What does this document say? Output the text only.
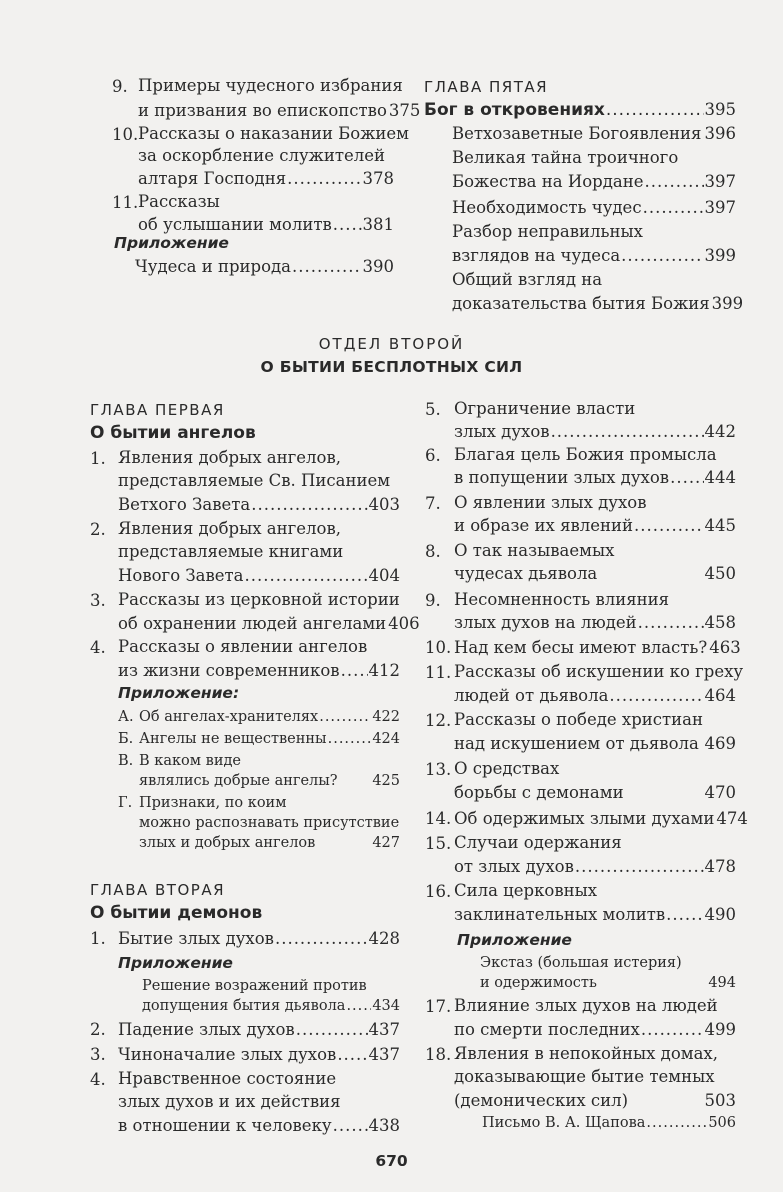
9. Примеры чудесного избрания
и призвания во епископство 375
10. Рассказы о наказании Божием
за оскорбление служителей
алтаря Господня .....	378
11. Рассказы
об услышании молитв ..... 381
Приложение
Чудеса и природа .....	390
ГЛАВА ПЯТАЯ
Бог в откровениях .....	395
Ветхозаветные Богоявления ..... 396
Великая тайна троичного
Божества на Иордане .....	397
Необходимость чудес .....	397
Разбор неправильных
взглядов на чудеса .....	399
Общий взгляд на
доказательства бытия Божия 399
ОТДЕЛ ВТОРОЙ
О БЫТИИ БЕСПЛОТНЫХ СИЛ
ГЛАВА ПЕРВАЯ
О бытии ангелов
1. Явления добрых ангелов,
представляемые Св. Писанием
Ветхого Завета .....	403
2. Явления добрых ангелов,
представляемые книгами
Нового Завета .....	404
3. Рассказы из церковной истории
об охранении людей ангелами 406
4. Рассказы о явлении ангелов
из жизни современников ..... 412
Приложение:
А. Об ангелах-хранителях .....	422
Б. Ангелы не вещественны .....	424
В. В каком виде
являлись добрые ангелы? 425
Г. Признаки, по коим
можно распознавать присутствие
злых и добрых ангелов	427
ГЛАВА ВТОРАЯ
О бытии демонов
1. Бытие злых духов .....	428
Приложение
Решение возражений против
допущения бытия дьявола ..... 434
2. Падение злых духов .....	437
3. Чиноначалие злых духов ..... 437
4. Нравственное состояние
злых духов и их действия
в отношении к человеку ..... 438
5. Ограничение власти
злых духов .....	442
6. Благая цель Божия промысла
в попущении злых духов ..... 444
7. О явлении злых духов
и образе их явлений .....	445
8. О так называемых
чудесах дьявола	450
9. Несомненность влияния
злых духов на людей .....	458
10. Над кем бесы имеют власть? 463
11. Рассказы об искушении ко греху
людей от дьявола .....	464
12. Рассказы о победе христиан
над искушением от дьявола 469
13. О средствах
борьбы с демонами	470
14. Об одержимых злыми духами 474
15. Случаи одержания
от злых духов .....	478
16. Сила церковных
заклинательных молитв ..... 490
Приложение
Экстаз (большая истерия)
и одержимость	494
17. Влияние злых духов на людей
по смерти последних .....	499
18. Явления в непокойных домах,
доказывающие бытие темных
(демонических сил)	503
Письмо В. А. Щапова .....	506
670
